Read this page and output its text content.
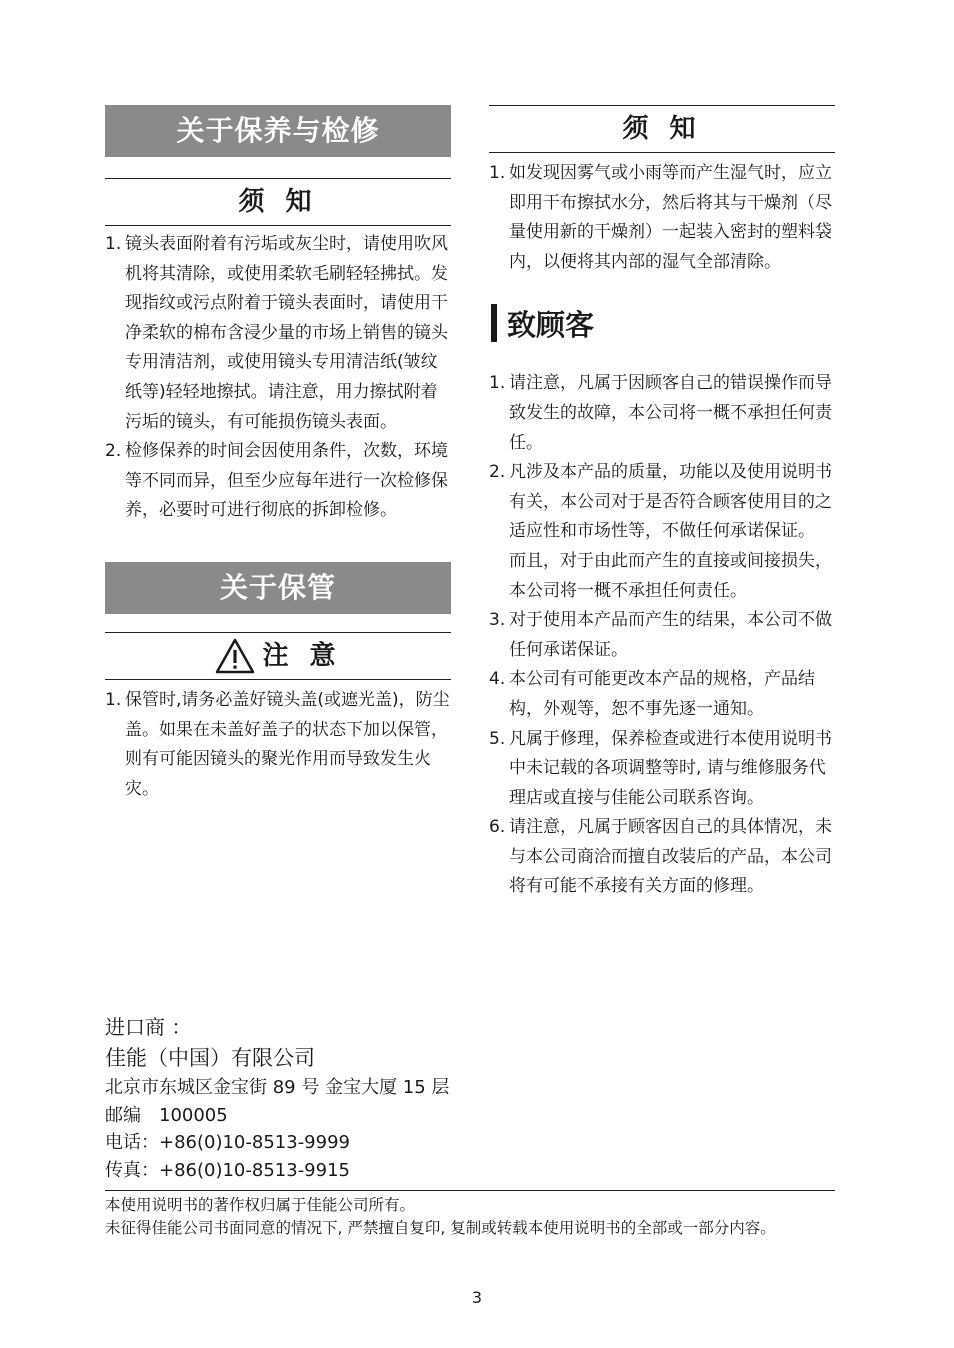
关于保养与检修
须 知
1. 镜头表面附着有污垢或灰尘时，请使用吹风机将其清除，或使用柔软毛刷轻轻拂拭。发现指纹或污点附着于镜头表面时，请使用干净柔软的棉布含浸少量的市场上销售的镜头专用清洁剂，或使用镜头专用清洁纸(皱纹纸等)轻轻地擦拭。请注意，用力擦拭附着污垢的镜头，有可能损伤镜头表面。
2. 检修保养的时间会因使用条件，次数，环境等不同而异，但至少应每年进行一次检修保养，必要时可进行彻底的拆卸检修。
关于保管
注 意
1. 保管时,请务必盖好镜头盖(或遮光盖)，防尘盖。如果在未盖好盖子的状态下加以保管，则有可能因镜头的聚光作用而导致发生火灾。
须 知
1. 如发现因雾气或小雨等而产生湿气时，应立即用干布擦拭水分，然后将其与干燥剂（尽量使用新的干燥剂）一起装入密封的塑料袋内，以便将其内部的湿气全部清除。
致顾客
1. 请注意，凡属于因顾客自己的错误操作而导致发生的故障，本公司将一概不承担任何责任。
2. 凡涉及本产品的质量，功能以及使用说明书有关，本公司对于是否符合顾客使用目的之适应性和市场性等，不做任何承诺保证。
而且，对于由此而产生的直接或间接损失，本公司将一概不承担任何责任。
3. 对于使用本产品而产生的结果，本公司不做任何承诺保证。
4. 本公司有可能更改本产品的规格，产品结构，外观等，恕不事先逐一通知。
5. 凡属于修理，保养检查或进行本使用说明书中未记载的各项调整等时, 请与维修服务代理店或直接与佳能公司联系咨询。
6. 请注意，凡属于顾客因自己的具体情况，未与本公司商洽而擅自改装后的产品，本公司将有可能不承接有关方面的修理。
进口商 ：
佳能（中国）有限公司
北京市东城区金宝街 89 号 金宝大厦 15 层
邮编　100005
电话：+86(0)10-8513-9999
传真：+86(0)10-8513-9915
本使用说明书的著作权归属于佳能公司所有。
未征得佳能公司书面同意的情况下, 严禁擅自复印, 复制或转载本使用说明书的全部或一部分内容。
3
